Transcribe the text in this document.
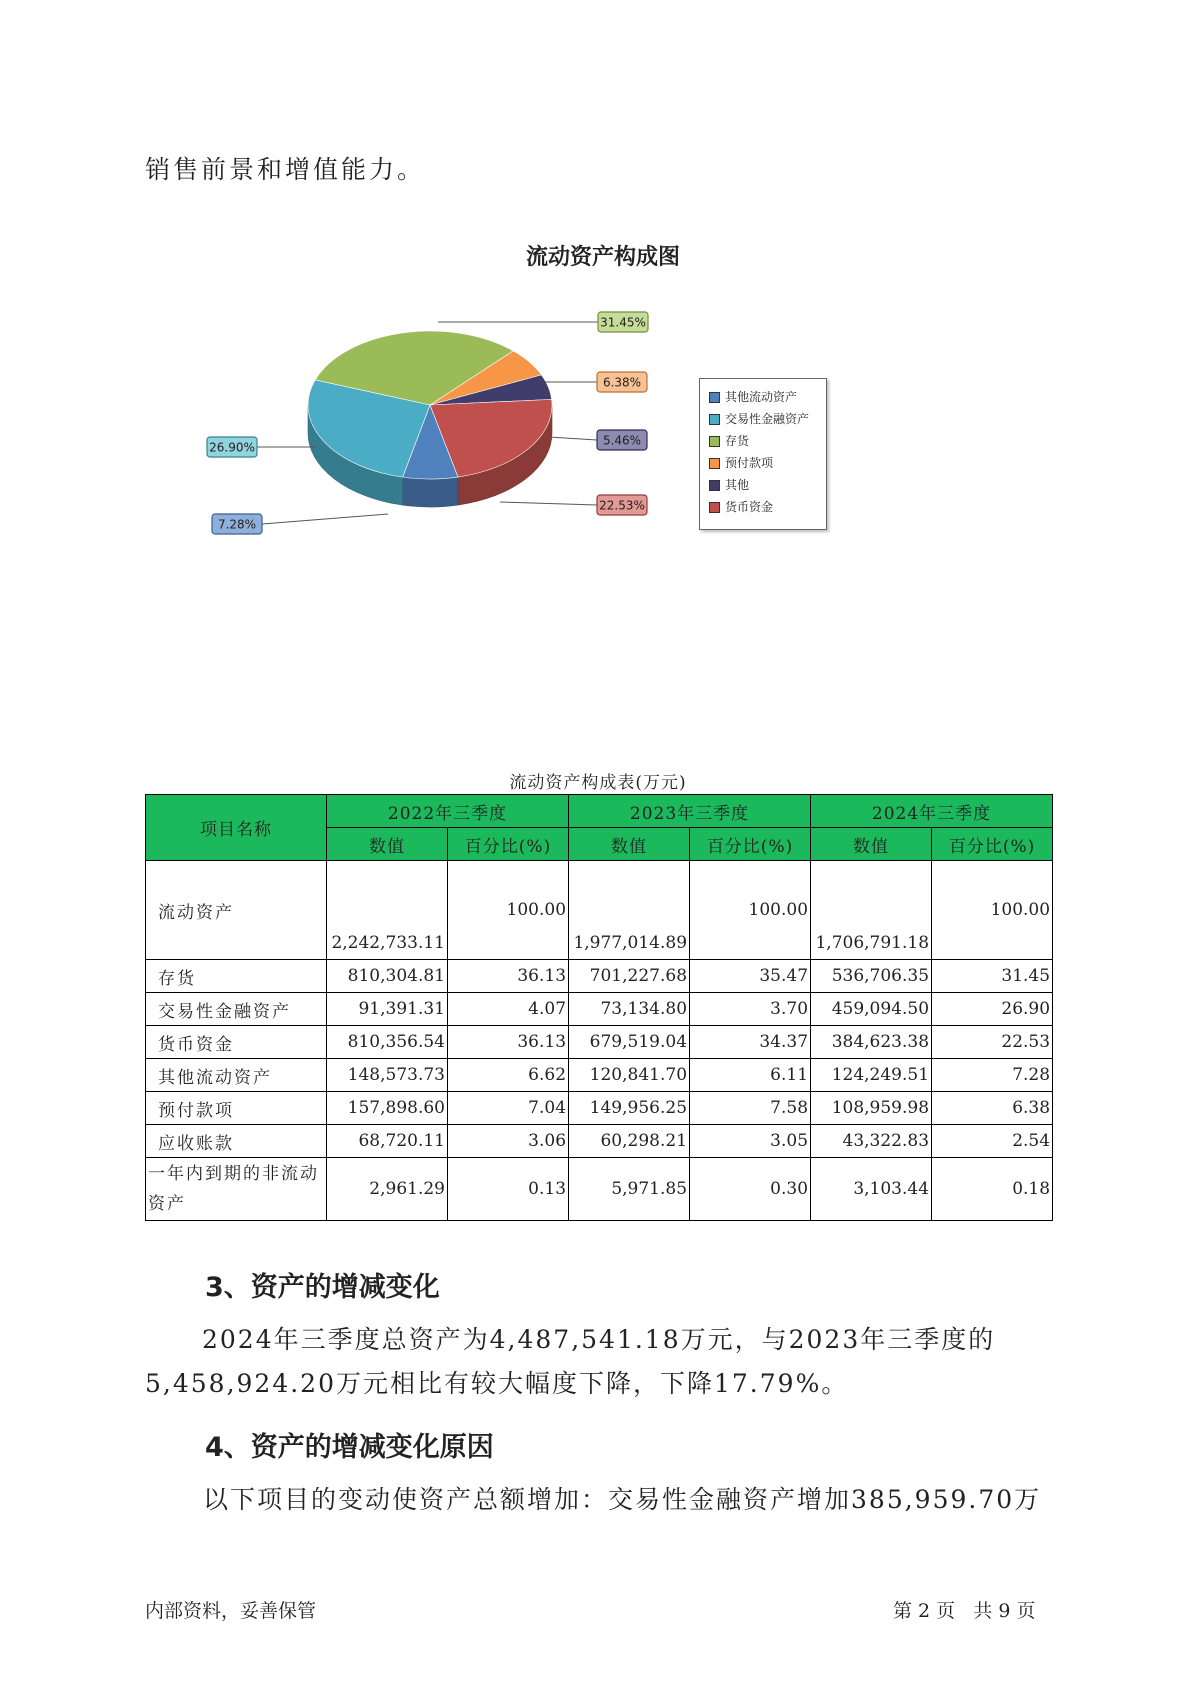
销售前景和增值能力。
流动资产构成图
31.45%
6.38%
5.46%
22.53%
7.28%
26.90%
其他流动资产
交易性金融资产
存货
预付款项
其他
货币资金
流动资产构成表(万元)
项目名称	2022年三季度		2023年三季度		2024年三季度	
	数值	百分比(%)	数值	百分比(%)	数值	百分比(%)
流动资产	2,242,733.11	100.00	1,977,014.89	100.00	1,706,791.18	100.00
存货	810,304.81	36.13	701,227.68	35.47	536,706.35	31.45
交易性金融资产	91,391.31	4.07	73,134.80	3.70	459,094.50	26.90
货币资金	810,356.54	36.13	679,519.04	34.37	384,623.38	22.53
其他流动资产	148,573.73	6.62	120,841.70	6.11	124,249.51	7.28
预付款项	157,898.60	7.04	149,956.25	7.58	108,959.98	6.38
应收账款	68,720.11	3.06	60,298.21	3.05	43,322.83	2.54
一年内到期的非流动资产	2,961.29	0.13	5,971.85	0.30	3,103.44	0.18
3、资产的增减变化
2024年三季度总资产为4,487,541.18万元，与2023年三季度的
5,458,924.20万元相比有较大幅度下降，下降17.79%。
4、资产的增减变化原因
以下项目的变动使资产总额增加：交易性金融资产增加385,959.70万
内部资料，妥善保管	第 2 页   共 9 页
